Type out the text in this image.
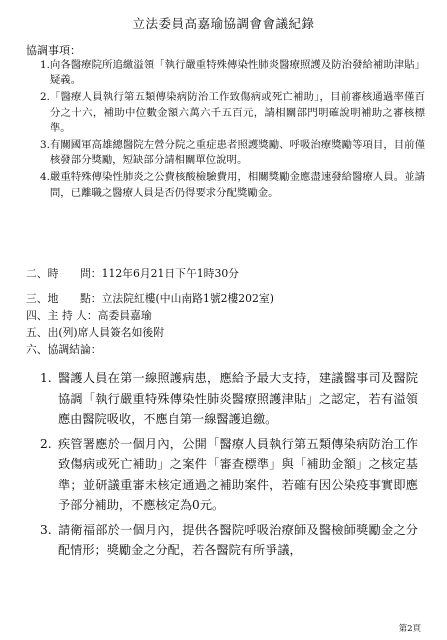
立法委員高嘉瑜協調會會議紀錄
協調事項：
1. 向各醫療院所追繳溢領「執行嚴重特殊傳染性肺炎醫療照護及防治發給補助津貼」疑義。
2. 「醫療人員執行第五類傳染病防治工作致傷病或死亡補助」，目前審核通過率僅百分之十六，補助中位數金額六萬六千五百元，請相關部門明確說明補助之審核標準。
3. 有關國軍高雄總醫院左營分院之重症患者照護獎勵、呼吸治療獎勵等項目，目前僅核發部分獎勵，短缺部分請相關單位說明。
4. 嚴重特殊傳染性肺炎之公費核酸檢驗費用，相關獎勵金應盡速發給醫療人員。並請問，已離職之醫療人員是否仍得要求分配獎勵金。
二、時　　問：112年6月21日下午1時30分
三、地　　點：立法院紅樓(中山南路1號2樓202室)
四、主 持 人：高委員嘉瑜
五、出(列)席人員簽名如後附
六、協調結論：
1. 醫護人員在第一線照護病患，應給予最大支持，建議醫事司及醫院協調「執行嚴重特殊傳染性肺炎醫療照護津貼」之認定，若有溢領應由醫院吸收，不應自第一線醫護追繳。
2. 疾管署應於一個月內，公開「醫療人員執行第五類傳染病防治工作致傷病或死亡補助」之案件「審查標準」與「補助金額」之核定基準；並研議重審未核定通過之補助案件，若確有因公染疫事實即應予部分補助，不應核定為0元。
3. 請衛福部於一個月內，提供各醫院呼吸治療師及醫檢師獎勵金之分配情形；獎勵金之分配，若各醫院有所爭議，
第2頁
